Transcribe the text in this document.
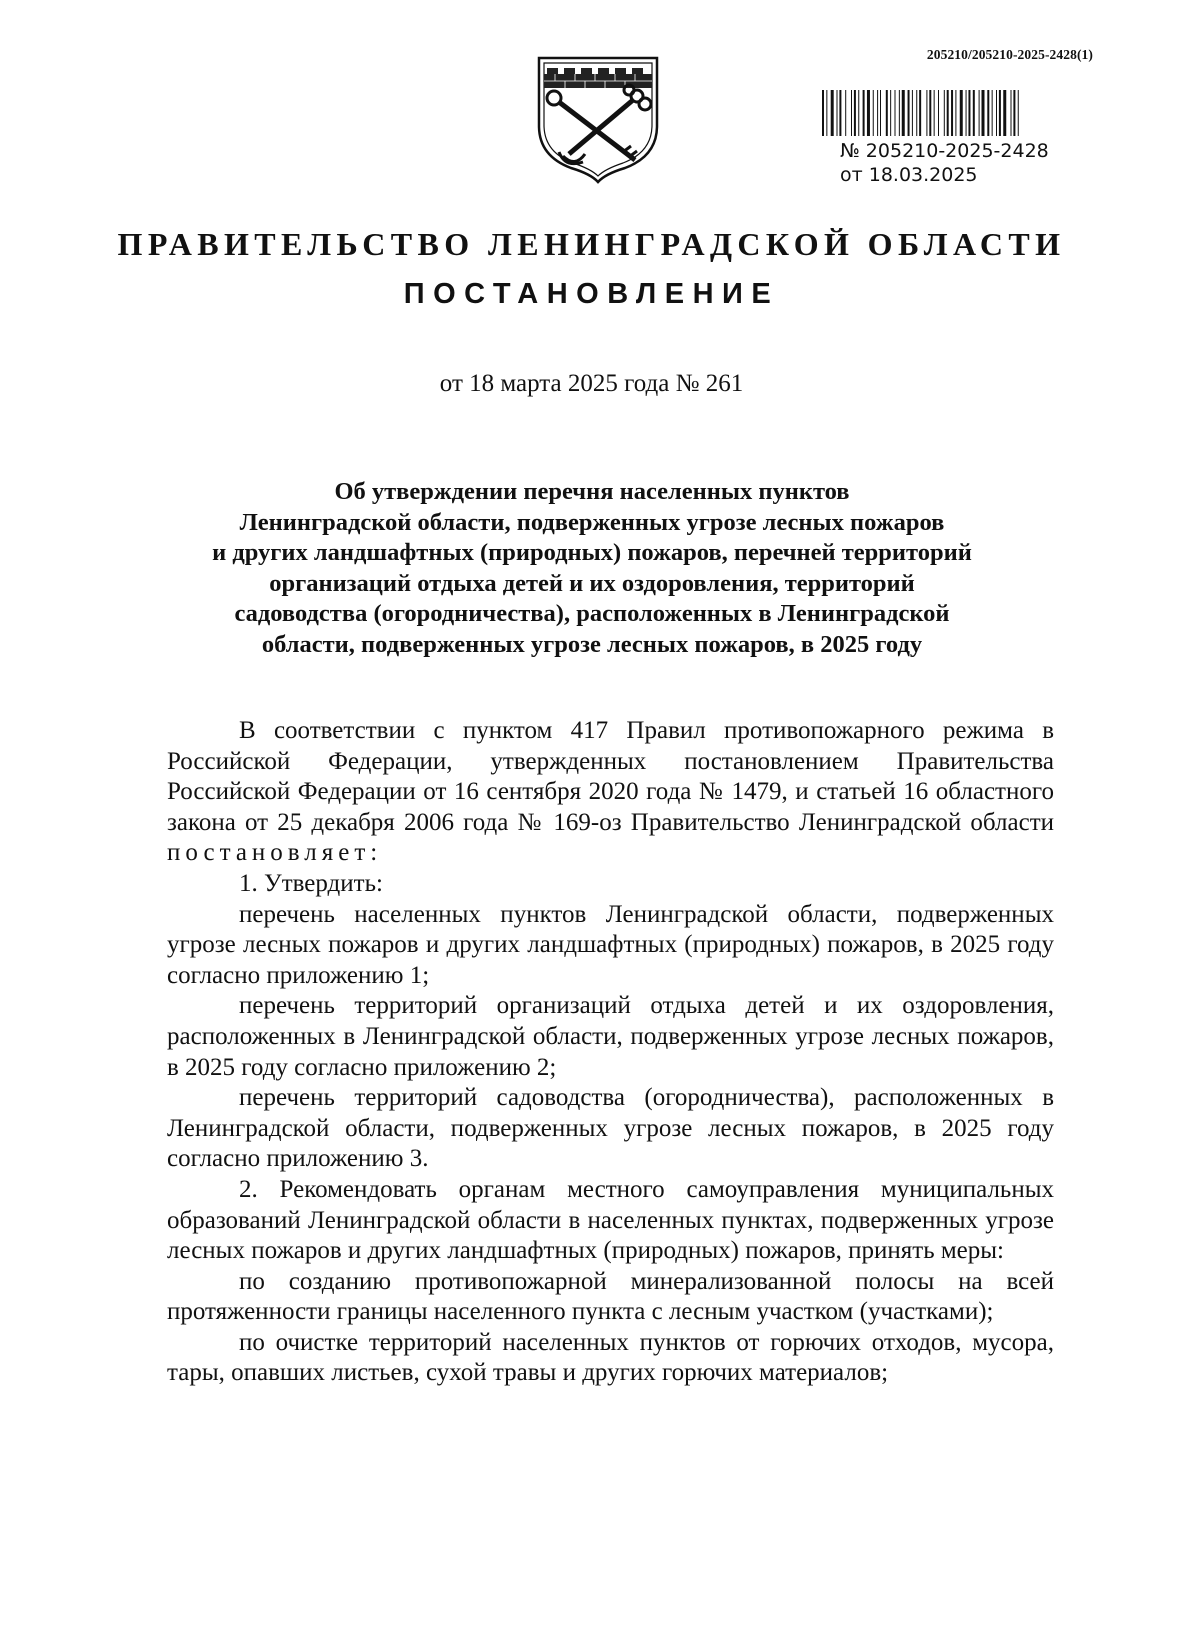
205210/205210-2025-2428(1)
№ 205210-2025-2428
от 18.03.2025
ПРАВИТЕЛЬСТВО ЛЕНИНГРАДСКОЙ ОБЛАСТИ
ПОСТАНОВЛЕНИЕ
от 18 марта 2025 года № 261
Об утверждении перечня населенных пунктов
Ленинградской области, подверженных угрозе лесных пожаров
и других ландшафтных (природных) пожаров, перечней территорий
организаций отдыха детей и их оздоровления, территорий
садоводства (огородничества), расположенных в Ленинградской
области, подверженных угрозе лесных пожаров, в 2025 году

В соответствии с пунктом 417 Правил противопожарного режима в Российской Федерации, утвержденных постановлением Правительства Российской Федерации от 16 сентября 2020 года № 1479, и статьей 16 областного закона от 25 декабря 2006 года № 169-оз Правительство Ленинградской области постановляет:

1. Утвердить:

перечень населенных пунктов Ленинградской области, подверженных угрозе лесных пожаров и других ландшафтных (природных) пожаров, в 2025 году согласно приложению 1;

перечень территорий организаций отдыха детей и их оздоровления, расположенных в Ленинградской области, подверженных угрозе лесных пожаров, в 2025 году согласно приложению 2;

перечень территорий садоводства (огородничества), расположенных в Ленинградской области, подверженных угрозе лесных пожаров, в 2025 году согласно приложению 3.

2. Рекомендовать органам местного самоуправления муниципальных образований Ленинградской области в населенных пунктах, подверженных угрозе лесных пожаров и других ландшафтных (природных) пожаров, принять меры:

по созданию противопожарной минерализованной полосы на всей протяженности границы населенного пункта с лесным участком (участками);

по очистке территорий населенных пунктов от горючих отходов, мусора, тары, опавших листьев, сухой травы и других горючих материалов;
